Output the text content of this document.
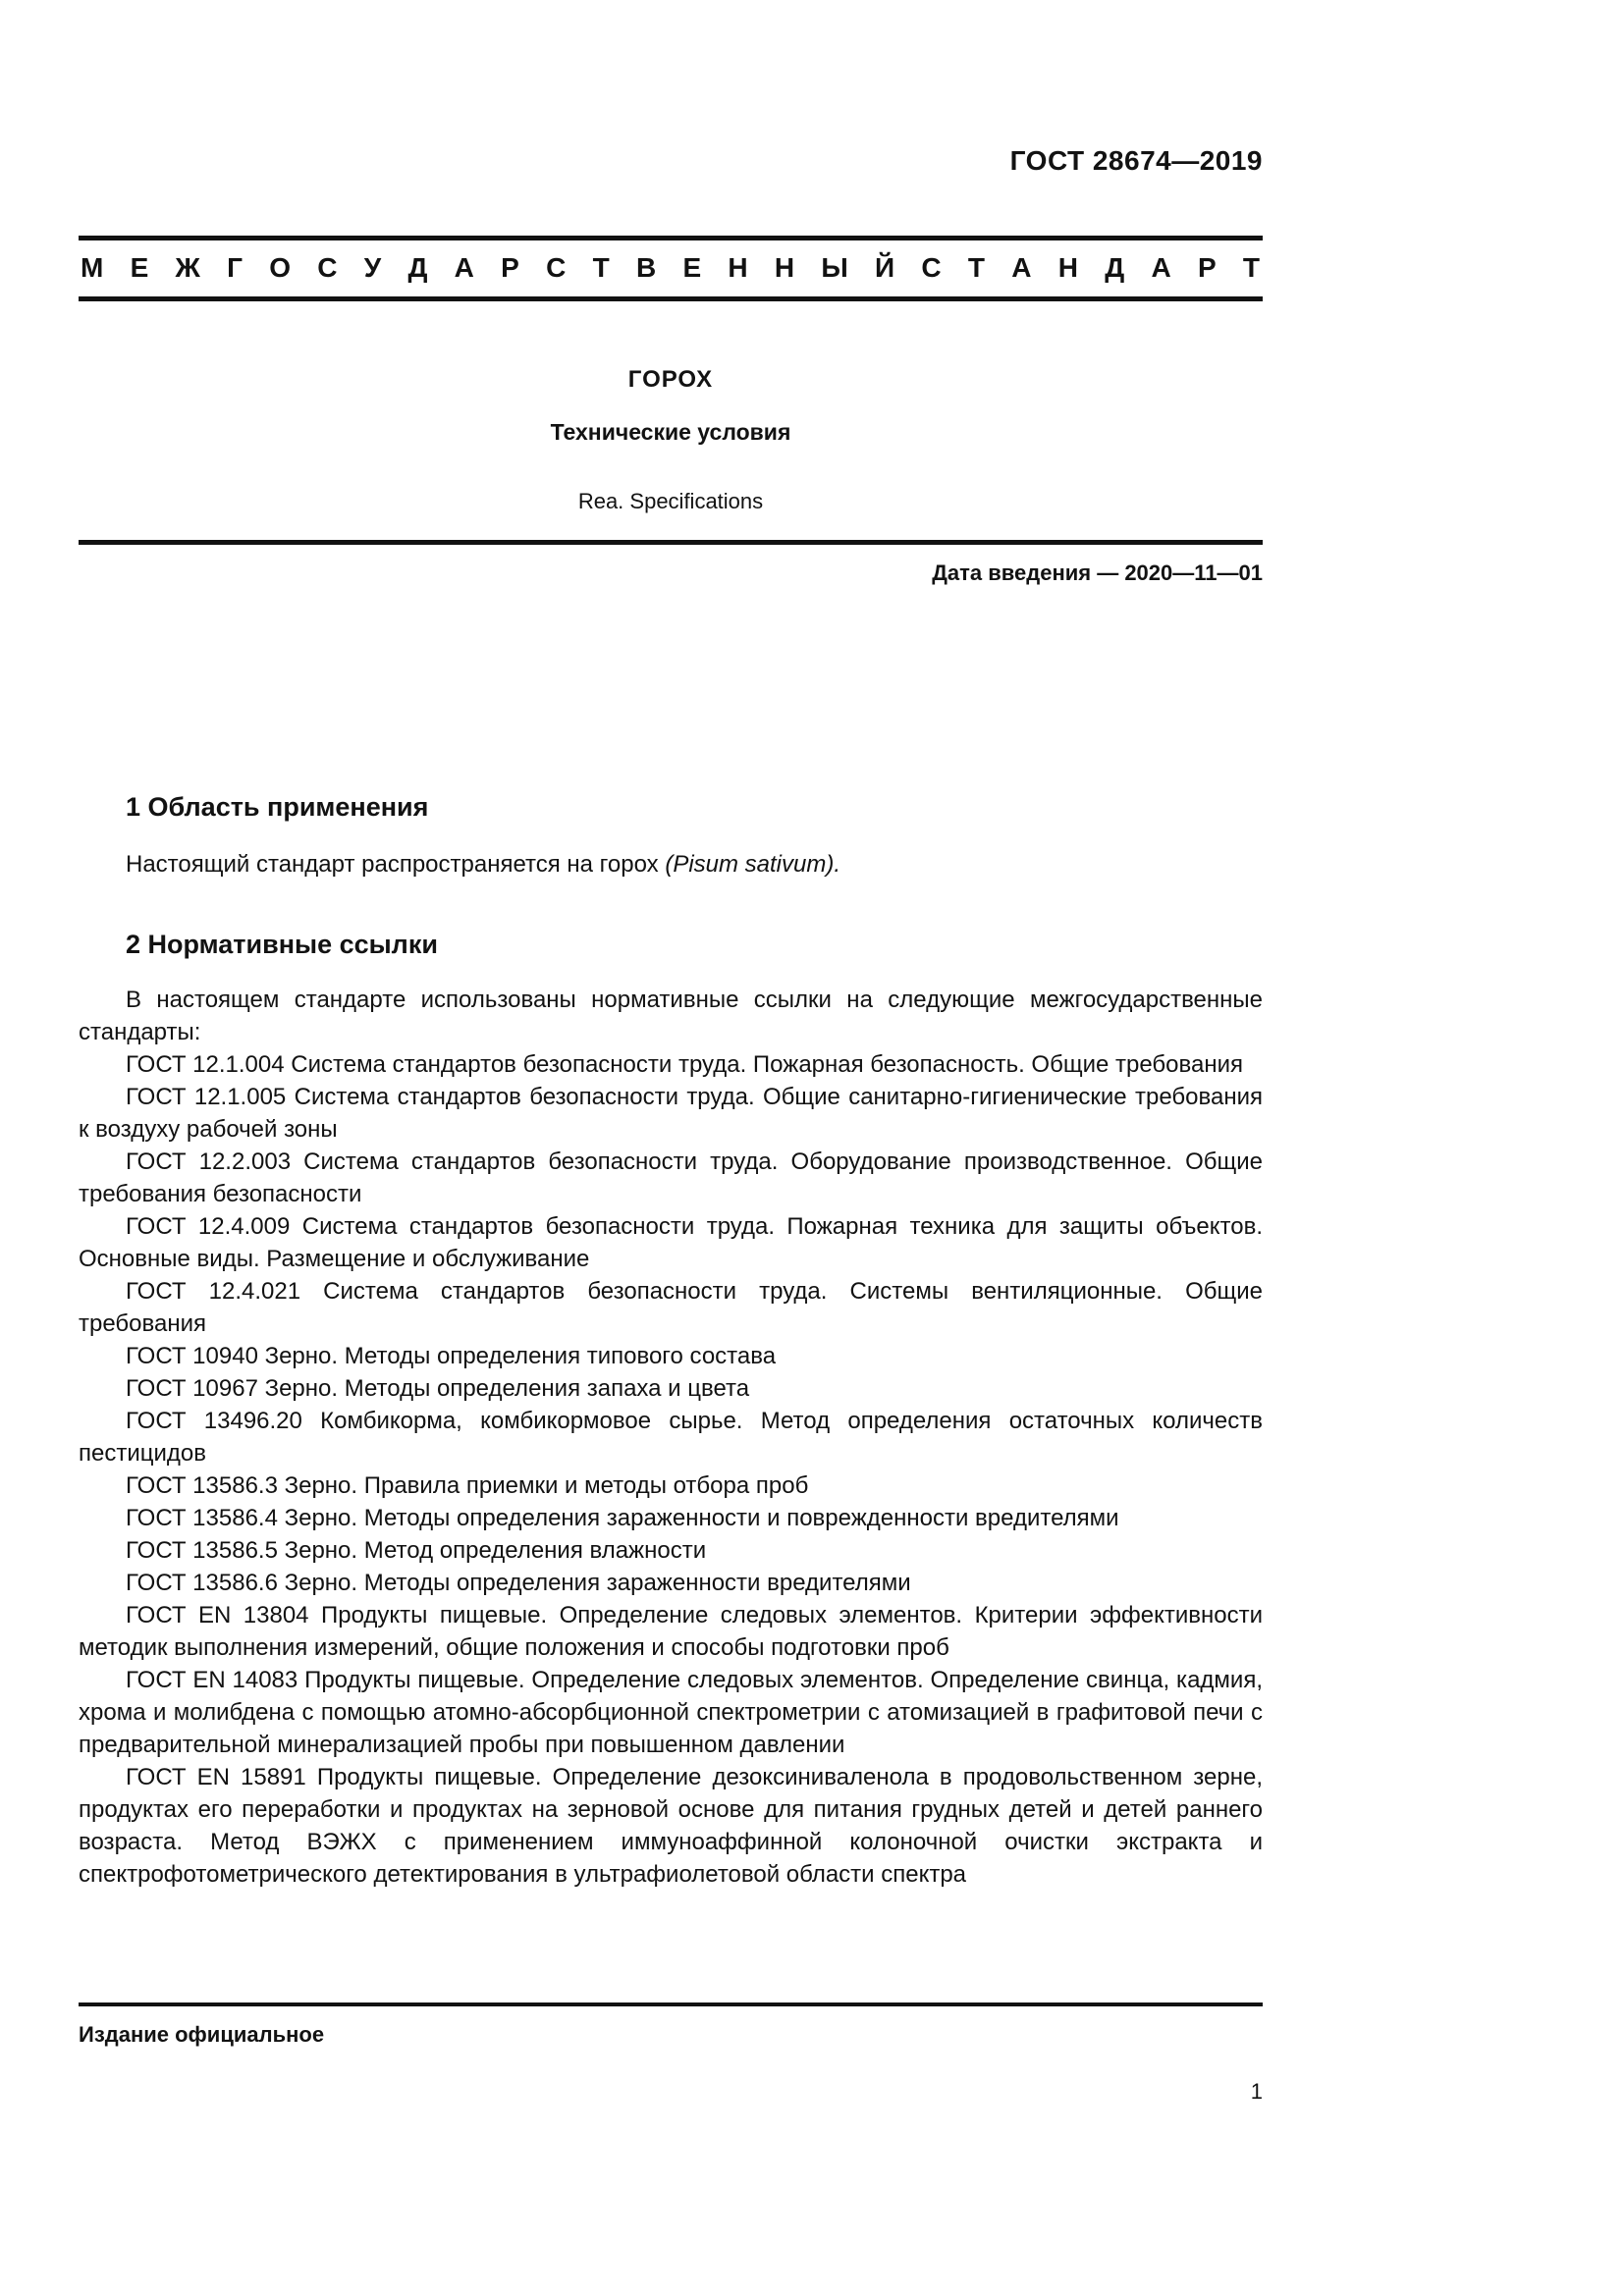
ГОСТ 28674—2019
М Е Ж Г О С У Д А Р С Т В Е Н Н Ы Й С Т А Н Д А Р Т
ГОРОХ
Технические условия
Rea. Specifications
Дата введения — 2020—11—01
1 Область применения

Настоящий стандарт распространяется на горох (Pisum sativum).

2 Нормативные ссылки

В настоящем стандарте использованы нормативные ссылки на следующие межгосударственные стандарты:

ГОСТ 12.1.004 Система стандартов безопасности труда. Пожарная безопасность. Общие требования

ГОСТ 12.1.005 Система стандартов безопасности труда. Общие санитарно-гигиенические требования к воздуху рабочей зоны

ГОСТ 12.2.003 Система стандартов безопасности труда. Оборудование производственное. Общие требования безопасности

ГОСТ 12.4.009 Система стандартов безопасности труда. Пожарная техника для защиты объектов. Основные виды. Размещение и обслуживание

ГОСТ 12.4.021 Система стандартов безопасности труда. Системы вентиляционные. Общие требования

ГОСТ 10940 Зерно. Методы определения типового состава

ГОСТ 10967 Зерно. Методы определения запаха и цвета

ГОСТ 13496.20 Комбикорма, комбикормовое сырье. Метод определения остаточных количеств пестицидов

ГОСТ 13586.3 Зерно. Правила приемки и методы отбора проб

ГОСТ 13586.4 Зерно. Методы определения зараженности и поврежденности вредителями

ГОСТ 13586.5 Зерно. Метод определения влажности

ГОСТ 13586.6 Зерно. Методы определения зараженности вредителями

ГОСТ EN 13804 Продукты пищевые. Определение следовых элементов. Критерии эффективности методик выполнения измерений, общие положения и способы подготовки проб

ГОСТ EN 14083 Продукты пищевые. Определение следовых элементов. Определение свинца, кадмия, хрома и молибдена с помощью атомно-абсорбционной спектрометрии с атомизацией в графитовой печи с предварительной минерализацией пробы при повышенном давлении

ГОСТ EN 15891 Продукты пищевые. Определение дезоксиниваленола в продовольственном зерне, продуктах его переработки и продуктах на зерновой основе для питания грудных детей и детей раннего возраста. Метод ВЭЖХ с применением иммуноаффинной колоночной очистки экстракта и спектрофотометрического детектирования в ультрафиолетовой области спектра

Издание официальное
1
